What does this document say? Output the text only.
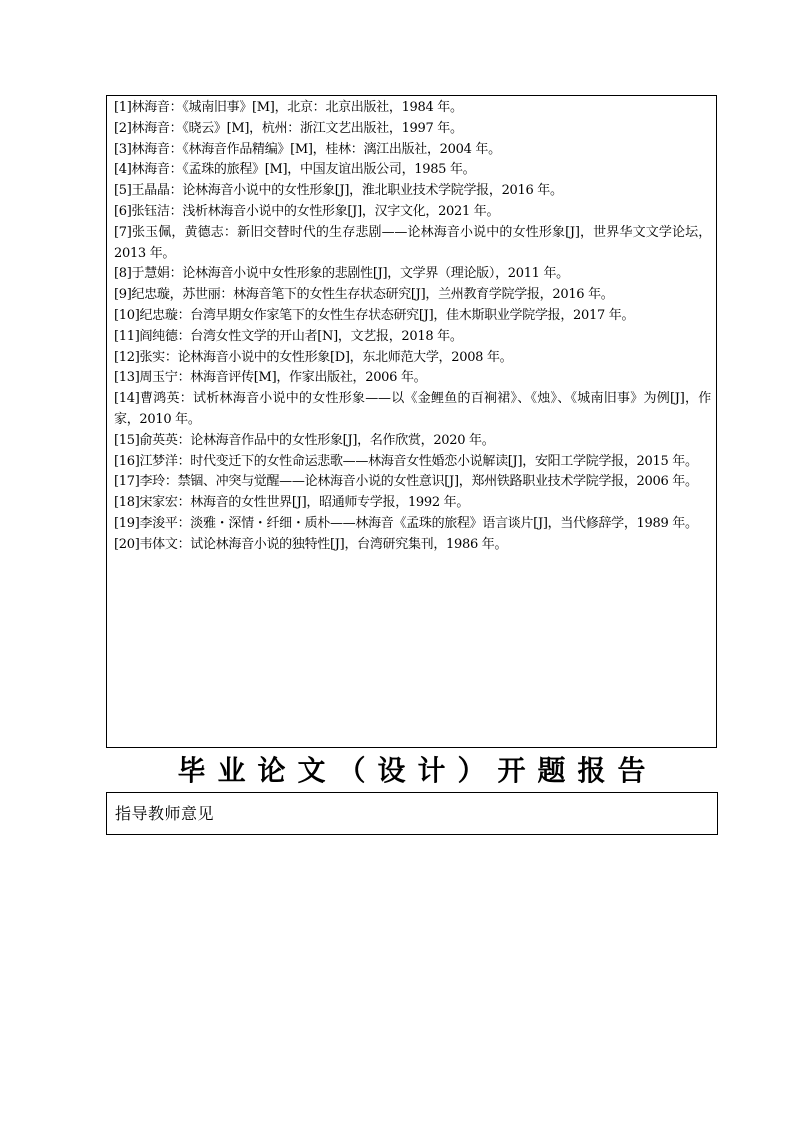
[1]林海音：《城南旧事》[M]，北京：北京出版社，1984 年。
[2]林海音：《晓云》[M]，杭州：浙江文艺出版社，1997 年。
[3]林海音：《林海音作品精编》[M]，桂林：漓江出版社，2004 年。
[4]林海音：《孟珠的旅程》[M]，中国友谊出版公司，1985 年。
[5]王晶晶：论林海音小说中的女性形象[J]，淮北职业技术学院学报，2016 年。
[6]张钰洁：浅析林海音小说中的女性形象[J]，汉字文化，2021 年。
[7]张玉佩，黄德志：新旧交替时代的生存悲剧——论林海音小说中的女性形象[J]，世界华文文学论坛，2013 年。
[8]于慧娟：论林海音小说中女性形象的悲剧性[J]，文学界（理论版），2011 年。
[9]纪忠璇，苏世丽：林海音笔下的女性生存状态研究[J]，兰州教育学院学报，2016 年。
[10]纪忠璇：台湾早期女作家笔下的女性生存状态研究[J]，佳木斯职业学院学报，2017 年。
[11]阎纯德：台湾女性文学的开山者[N]，文艺报，2018 年。
[12]张实：论林海音小说中的女性形象[D]，东北师范大学，2008 年。
[13]周玉宁：林海音评传[M]，作家出版社，2006 年。
[14]曹鸿英：试析林海音小说中的女性形象——以《金鲤鱼的百裥裙》、《烛》、《城南旧事》为例[J]，作家，2010 年。
[15]俞英英：论林海音作品中的女性形象[J]，名作欣赏，2020 年。
[16]江梦洋：时代变迁下的女性命运悲歌——林海音女性婚恋小说解读[J]，安阳工学院学报，2015 年。
[17]李玲：禁锢、冲突与觉醒——论林海音小说的女性意识[J]，郑州铁路职业技术学院学报，2006 年。
[18]宋家宏：林海音的女性世界[J]，昭通师专学报，1992 年。
[19]李浚平：淡雅・深情・纤细・质朴——林海音《孟珠的旅程》语言谈片[J]，当代修辞学，1989 年。
[20]韦体文：试论林海音小说的独特性[J]，台湾研究集刊，1986 年。
毕业论文（设计）开题报告
指导教师意见
